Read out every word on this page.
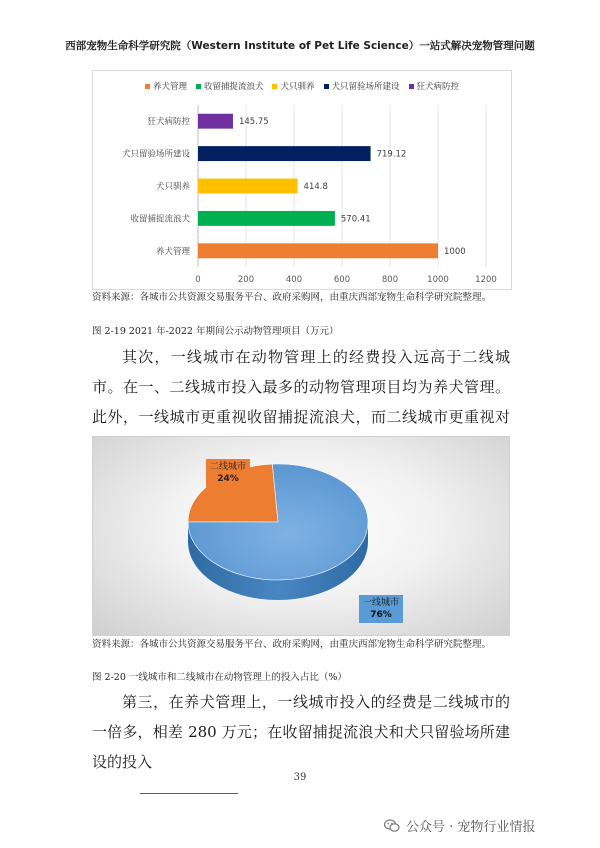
西部宠物生命科学研究院（Western Institute of Pet Life Science）一站式解决宠物管理问题
养犬管理 收留捕捉流浪犬 犬只驯养 犬只留验场所建设 狂犬病防控
0	200	400	600	800	1000	1200
狂犬病防控	145.75
犬只留验场所建设	719.12
犬只驯养	414.8
收留捕捉流浪犬	570.41
养犬管理	1000
资料来源：各城市公共资源交易服务平台、政府采购网，由重庆西部宠物生命科学研究院整理。
图 2-19 2021 年-2022 年期间公示动物管理项目（万元）

其次，一线城市在动物管理上的经费投入远高于二线城市。在一、二线城市投入最多的动物管理项目均为养犬管理。此外，一线城市更重视收留捕捉流浪犬，而二线城市更重视对

二线城市
24%
一线城市
76%
资料来源：各城市公共资源交易服务平台、政府采购网，由重庆西部宠物生命科学研究院整理。
图 2-20 一线城市和二线城市在动物管理上的投入占比（%）

第三，在养犬管理上，一线城市投入的经费是二线城市的一倍多，相差 280 万元；在收留捕捉流浪犬和犬只留验场所建设的投入

39
公众号 · 宠物行业情报
